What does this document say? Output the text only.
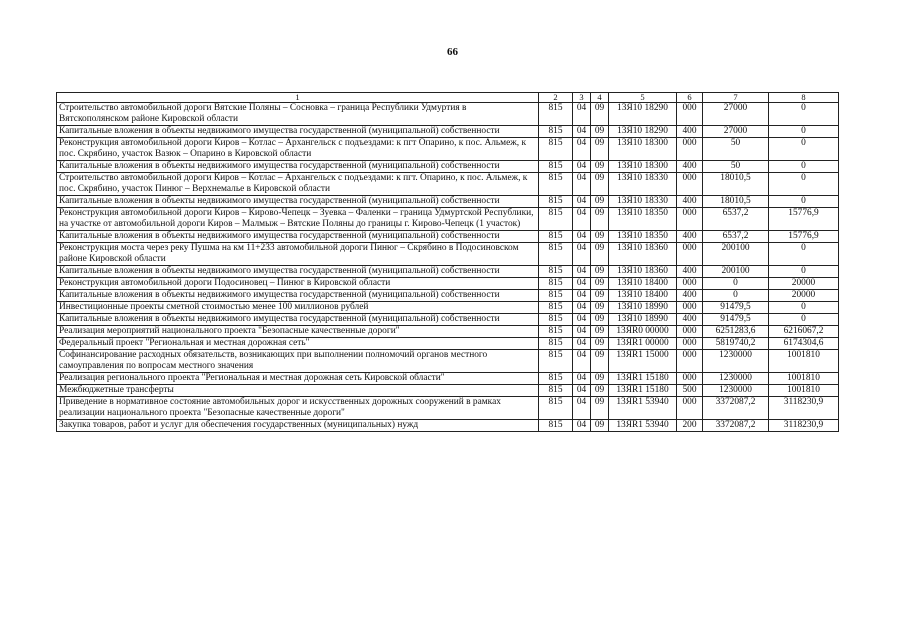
66
1	2	3	4	5	6	7	8
Строительство автомобильной дороги Вятские Поляны – Сосновка – граница Республики Удмуртия в Вятскополянском районе Кировской области	815	04	09	13Я10 18290	000	27000	0
Капитальные вложения в объекты недвижимого имущества государственной (муниципальной) собственности	815	04	09	13Я10 18290	400	27000	0
Реконструкция автомобильной дороги Киров – Котлас – Архангельск с подъездами: к пгт Опарино, к пос. Альмеж, к пос. Скрябино, участок Вазюк – Опарино в Кировской области	815	04	09	13Я10 18300	000	50	0
Капитальные вложения в объекты недвижимого имущества государственной (муниципальной) собственности	815	04	09	13Я10 18300	400	50	0
Строительство автомобильной дороги Киров – Котлас – Архангельск с подъездами: к пгт. Опарино, к пос. Альмеж, к пос. Скрябино, участок Пинюг – Верхнемалье в Кировской области	815	04	09	13Я10 18330	000	18010,5	0
Капитальные вложения в объекты недвижимого имущества государственной (муниципальной) собственности	815	04	09	13Я10 18330	400	18010,5	0
Реконструкция автомобильной дороги Киров – Кирово-Чепецк – Зуевка – Фаленки – граница Удмуртской Республики, на участке от автомобильной дороги Киров – Малмыж – Вятские Поляны до границы г. Кирово-Чепецк (1 участок)	815	04	09	13Я10 18350	000	6537,2	15776,9
Капитальные вложения в объекты недвижимого имущества государственной (муниципальной) собственности	815	04	09	13Я10 18350	400	6537,2	15776,9
Реконструкция моста через реку Пушма на км 11+233 автомобильной дороги Пинюг – Скрябино в Подосиновском районе Кировской области	815	04	09	13Я10 18360	000	200100	0
Капитальные вложения в объекты недвижимого имущества государственной (муниципальной) собственности	815	04	09	13Я10 18360	400	200100	0
Реконструкция автомобильной дороги Подосиновец – Пинюг в Кировской области	815	04	09	13Я10 18400	000	0	20000
Капитальные вложения в объекты недвижимого имущества государственной (муниципальной) собственности	815	04	09	13Я10 18400	400	0	20000
Инвестиционные проекты сметной стоимостью менее 100 миллионов рублей	815	04	09	13Я10 18990	000	91479,5	0
Капитальные вложения в объекты недвижимого имущества государственной (муниципальной) собственности	815	04	09	13Я10 18990	400	91479,5	0
Реализация мероприятий национального проекта "Безопасные качественные дороги"	815	04	09	13ЯR0 00000	000	6251283,6	6216067,2
Федеральный проект "Региональная и местная дорожная сеть"	815	04	09	13ЯR1 00000	000	5819740,2	6174304,6
Софинансирование расходных обязательств, возникающих при выполнении полномочий органов местного самоуправления по вопросам местного значения	815	04	09	13ЯR1 15000	000	1230000	1001810
Реализация регионального проекта "Региональная и местная дорожная сеть Кировской области"	815	04	09	13ЯR1 15180	000	1230000	1001810
Межбюджетные трансферты	815	04	09	13ЯR1 15180	500	1230000	1001810
Приведение в нормативное состояние автомобильных дорог и искусственных дорожных сооружений в рамках реализации национального проекта "Безопасные качественные дороги"	815	04	09	13ЯR1 53940	000	3372087,2	3118230,9
Закупка товаров, работ и услуг для обеспечения государственных (муниципальных) нужд	815	04	09	13ЯR1 53940	200	3372087,2	3118230,9
